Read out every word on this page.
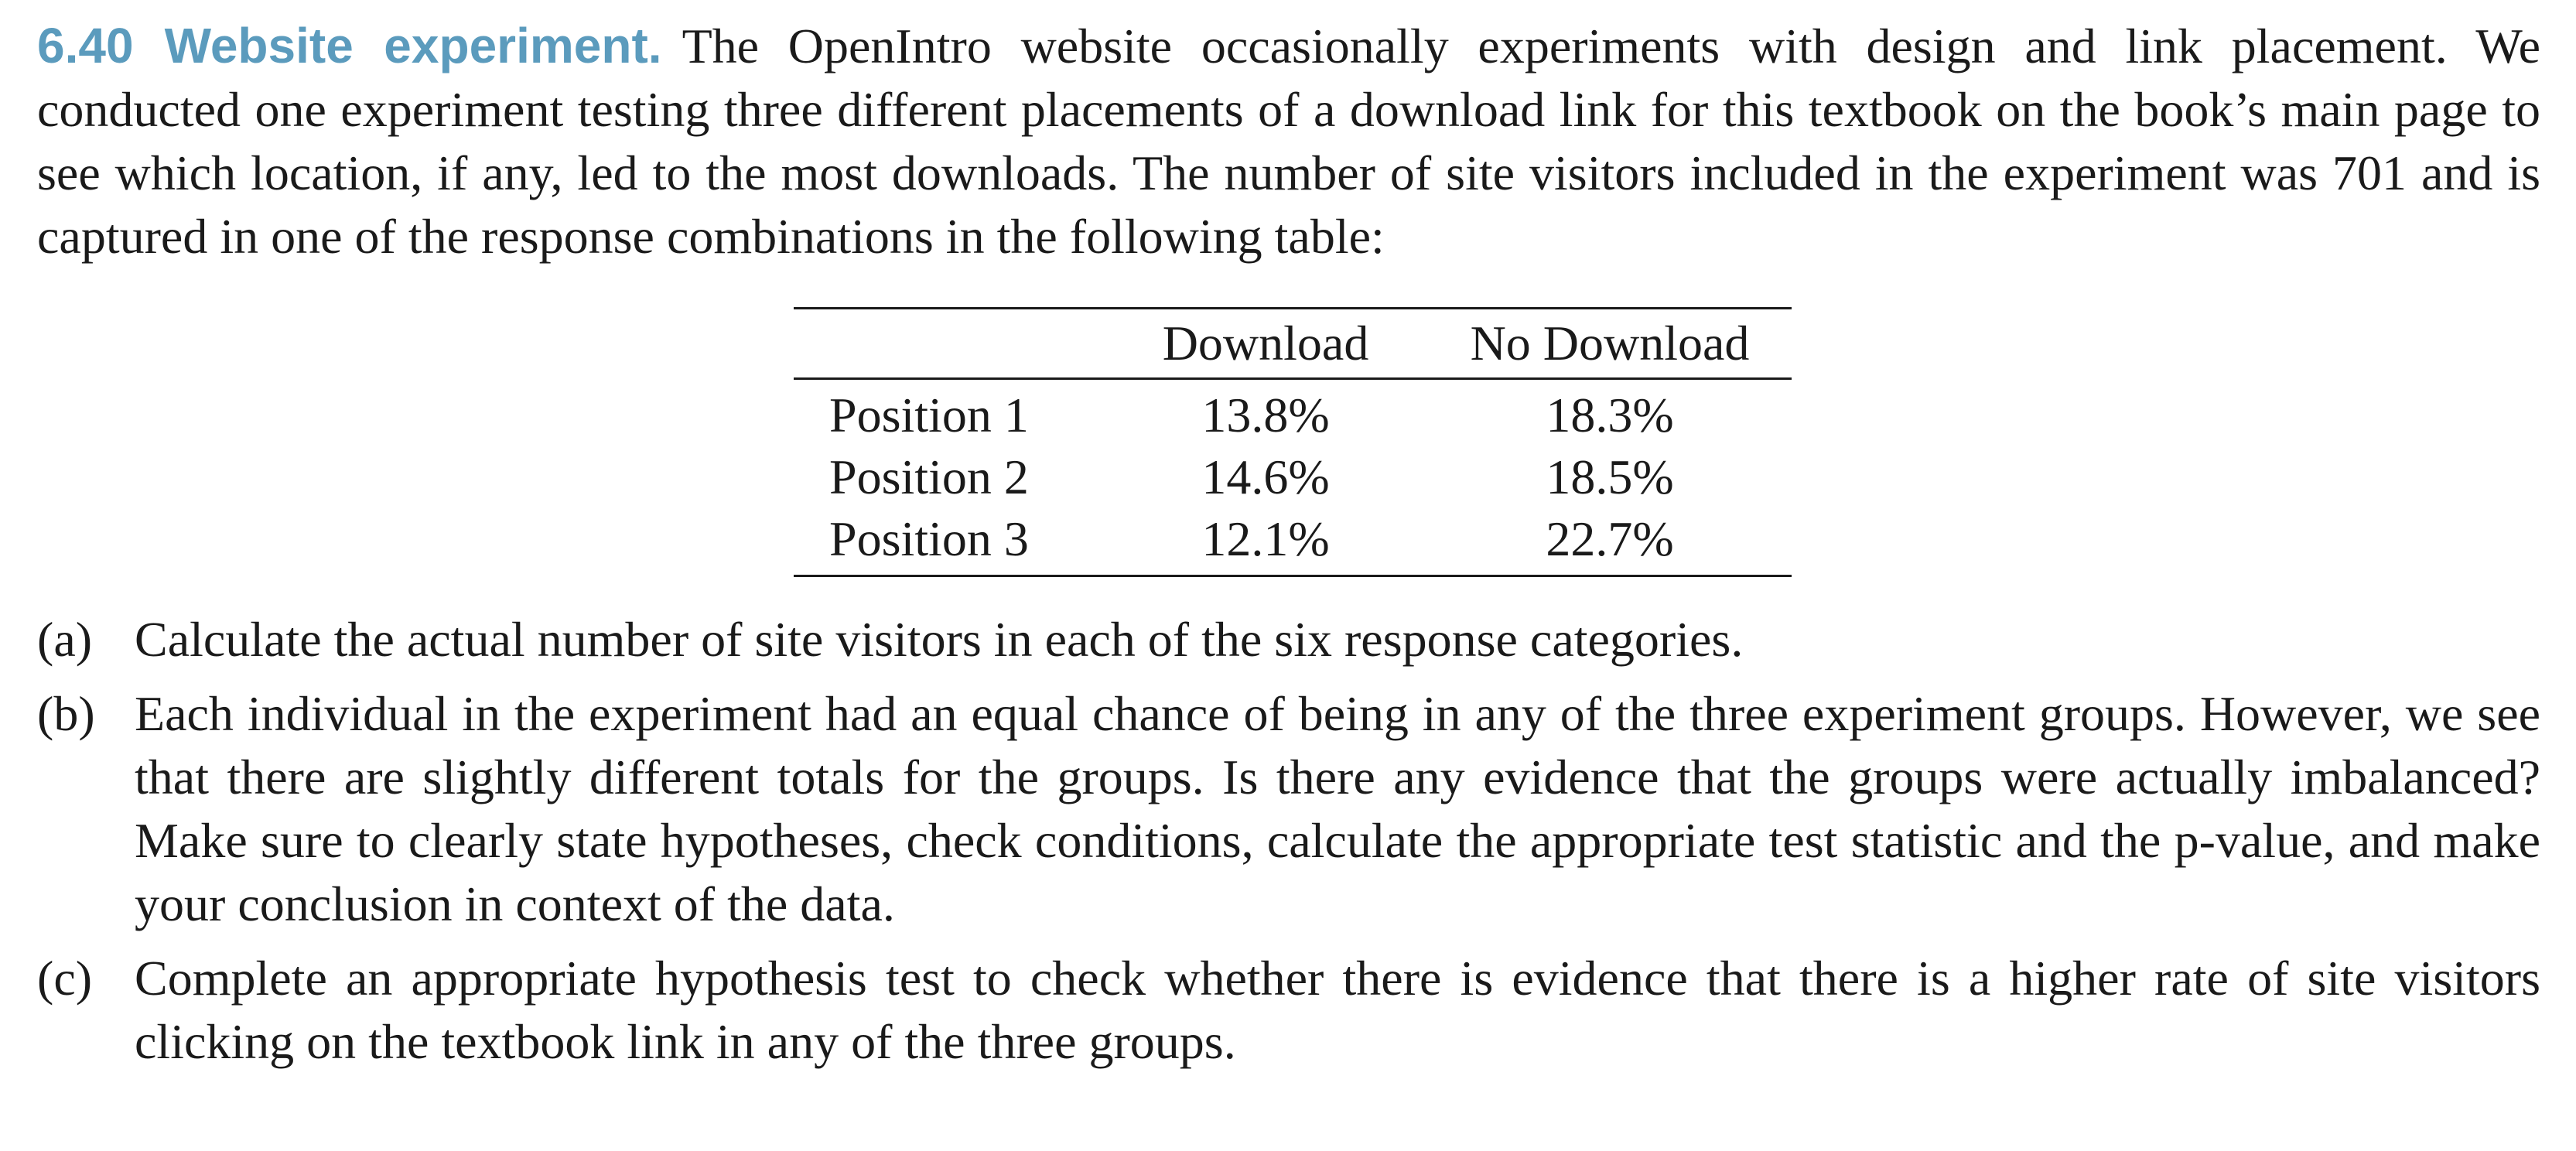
6.40 Website experiment. The OpenIntro website occasionally experiments with design and link placement. We conducted one experiment testing three different placements of a download link for this textbook on the book’s main page to see which location, if any, led to the most downloads. The number of site visitors included in the experiment was 701 and is captured in one of the response combinations in the following table:

	Download	No Download
Position 1	13.8%	18.3%
Position 2	14.6%	18.5%
Position 3	12.1%	22.7%
(a) Calculate the actual number of site visitors in each of the six response categories.
(b) Each individual in the experiment had an equal chance of being in any of the three experiment groups. However, we see that there are slightly different totals for the groups. Is there any evidence that the groups were actually imbalanced? Make sure to clearly state hypotheses, check conditions, calculate the appropriate test statistic and the p-value, and make your conclusion in context of the data.
(c) Complete an appropriate hypothesis test to check whether there is evidence that there is a higher rate of site visitors clicking on the textbook link in any of the three groups.
